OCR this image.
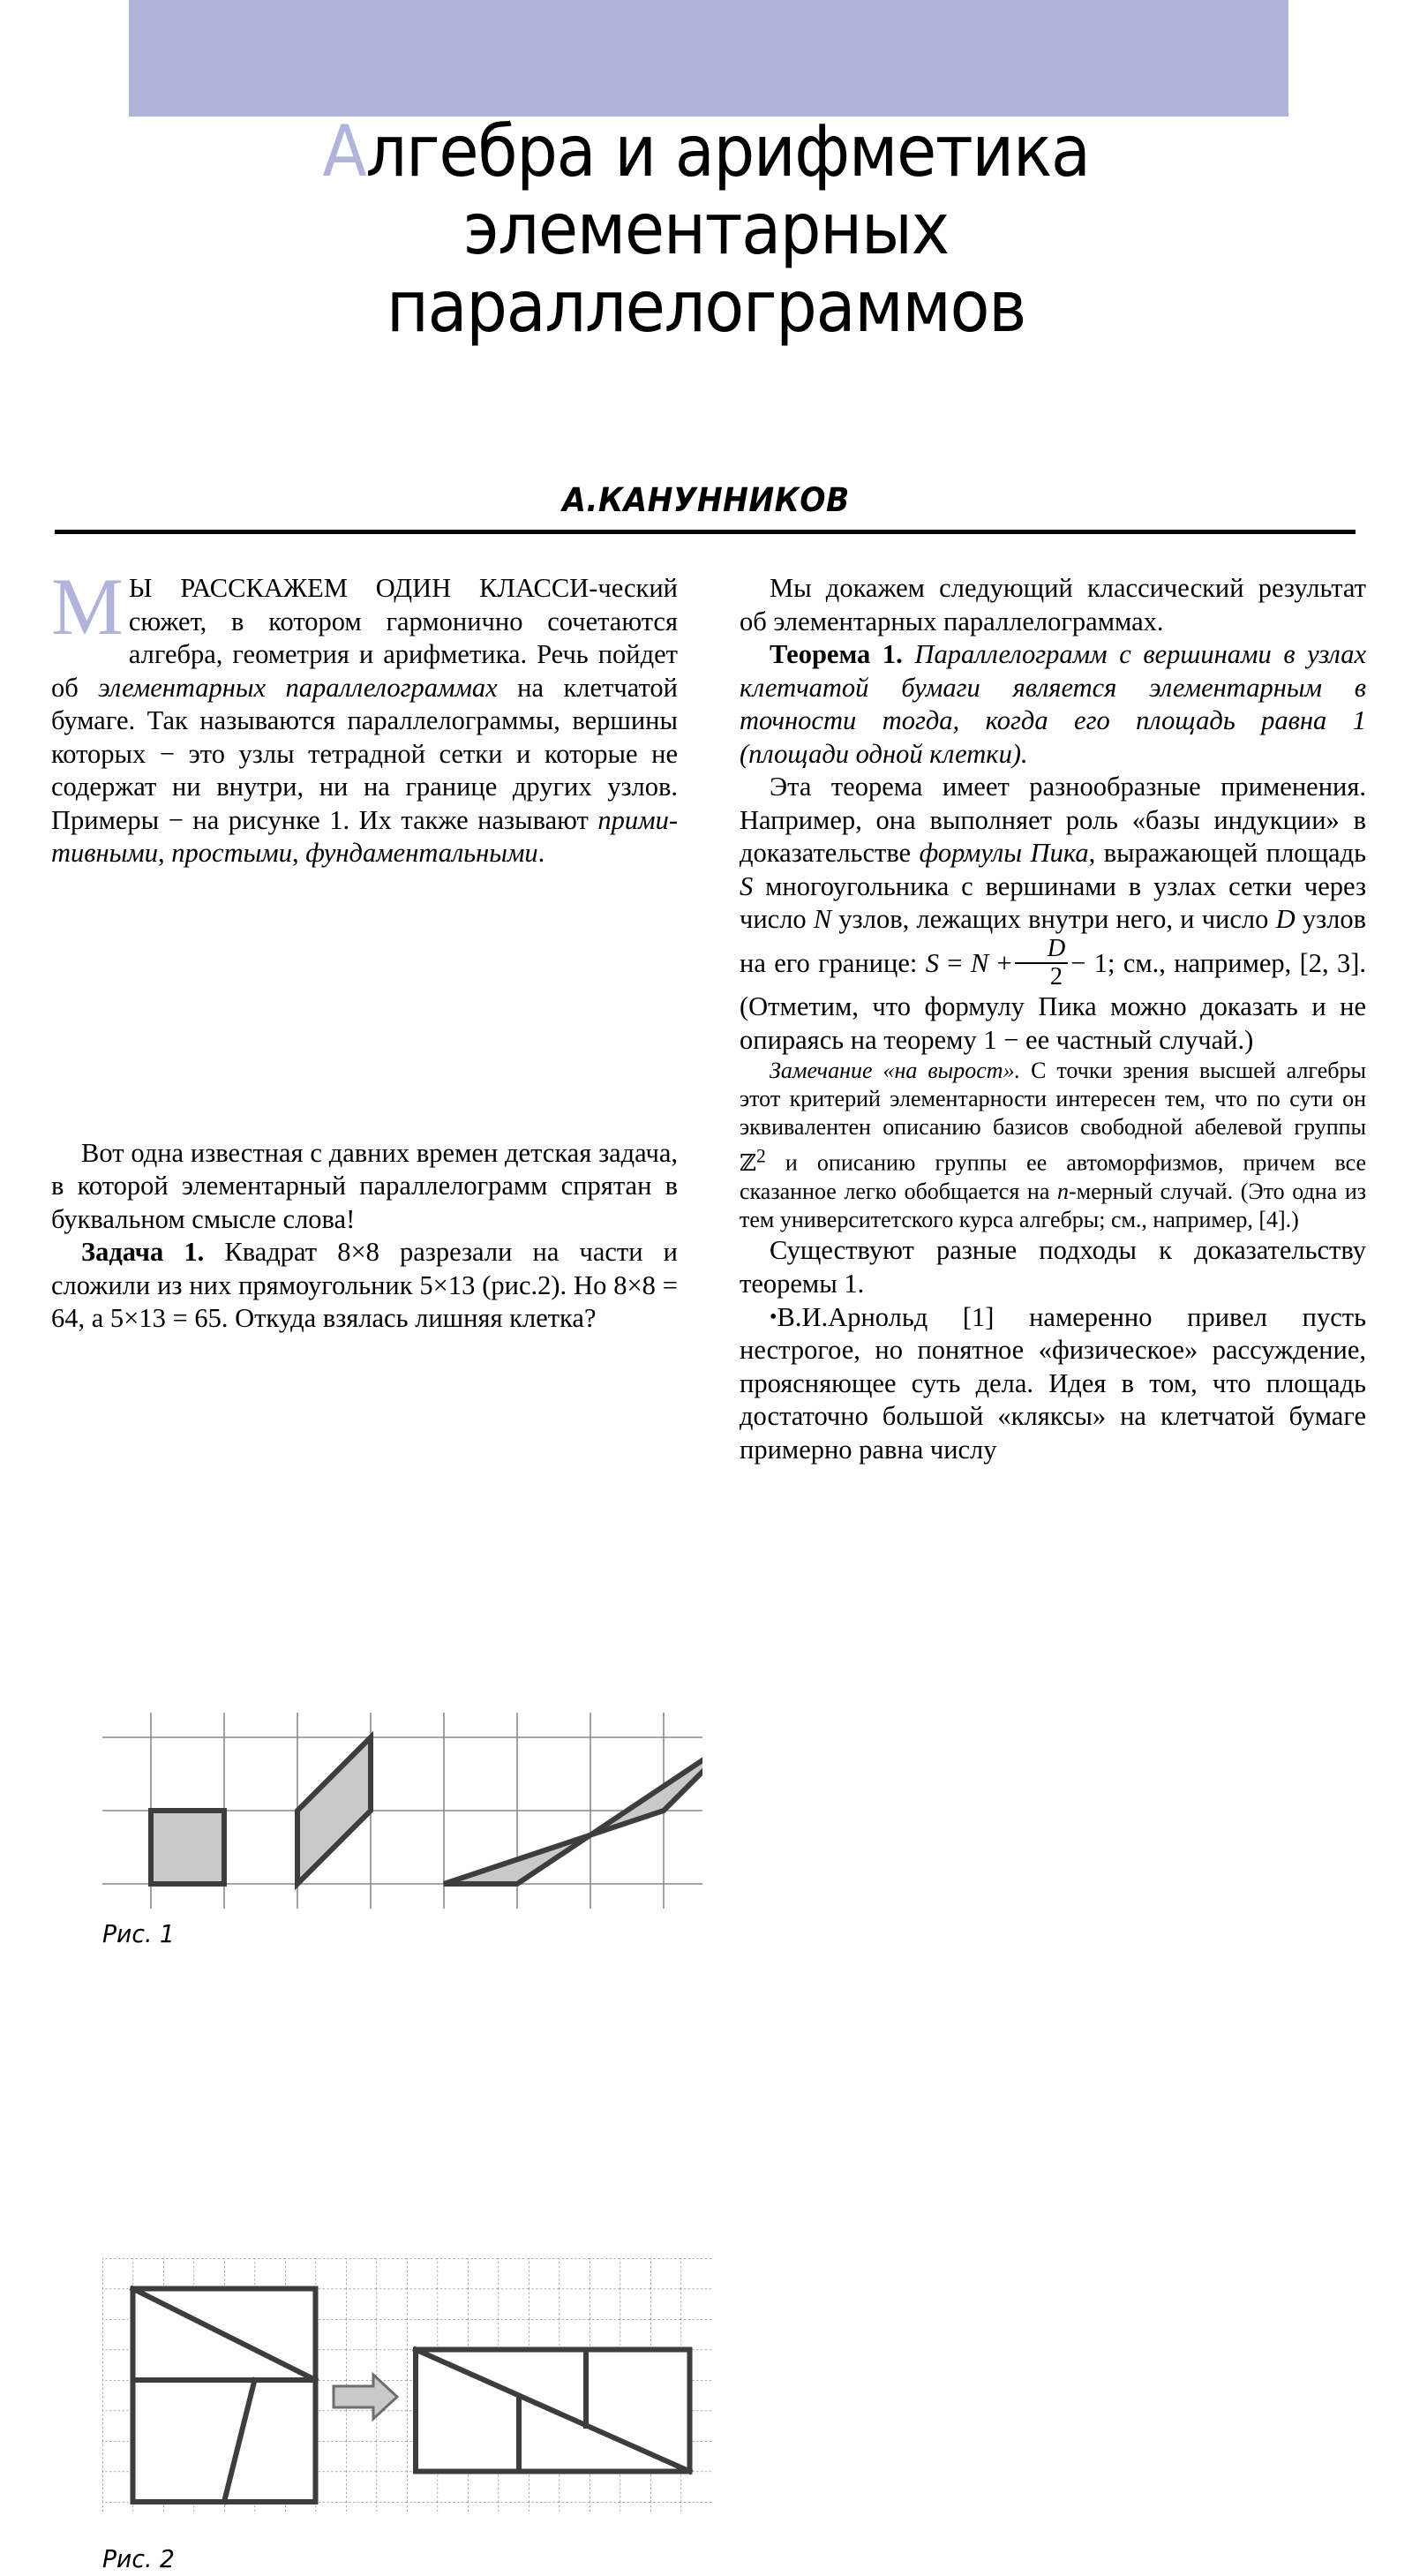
Алгебра и арифметика
элементарных
параллелограммов
А.КАНУННИКОВ

М Ы РАССКАЖЕМ ОДИН КЛАССИ-ческий сюжет, в котором гармонично сочетаются алгебра, геометрия и арифметика. Речь пойдет об элементарных параллелограммах на клетчатой бумаге. Так называются параллелограммы, вершины которых − это узлы тетрадной сетки и которые не содержат ни внутри, ни на границе других узлов. Примеры − на рисунке 1. Их также называют примитивными, простыми, фундаментальными.

Рис. 1

Вот одна известная с давних времен детская задача, в которой элементарный параллелограмм спрятан в буквальном смысле слова!

Задача 1. Квадрат 8×8 разрезали на части и сложили из них прямоугольник 5×13 (рис.2). Но 8×8 = 64, а 5×13 = 65. Откуда взялась лишняя клетка?

Рис. 2

Мы докажем следующий классический результат об элементарных параллелограммах.

Теорема 1. Параллелограмм с вершинами в узлах клетчатой бумаги является элементарным в точности тогда, когда его площадь равна 1 (площади одной клетки).

Эта теорема имеет разнообразные применения. Например, она выполняет роль «базы индукции» в доказательстве формулы Пика, выражающей площадь S многоугольника с вершинами в узлах сетки через число N узлов, лежащих внутри него, и число D узлов на его границе: $S = N + \frac{D}{2} - 1$; см., например, [2, 3]. (Отметим, что формулу Пика можно доказать и не опираясь на теорему 1 − ее частный случай.)

Замечание «на вырост». С точки зрения высшей алгебры этот критерий элементарности интересен тем, что по сути он эквивалентен описанию базисов свободной абелевой группы ℤ$^2$ и описанию группы ее автоморфизмов, причем все сказанное легко обобщается на n-мерный случай. (Это одна из тем университетского курса алгебры; см., например, [4].)

Существуют разные подходы к доказательству теоремы 1.

•В.И.Арнольд [1] намеренно привел пусть нестрогое, но понятное «физическое» рассуждение, проясняющее суть дела. Идея в том, что площадь достаточно большой «кляксы» на клетчатой бумаге примерно равна числу
